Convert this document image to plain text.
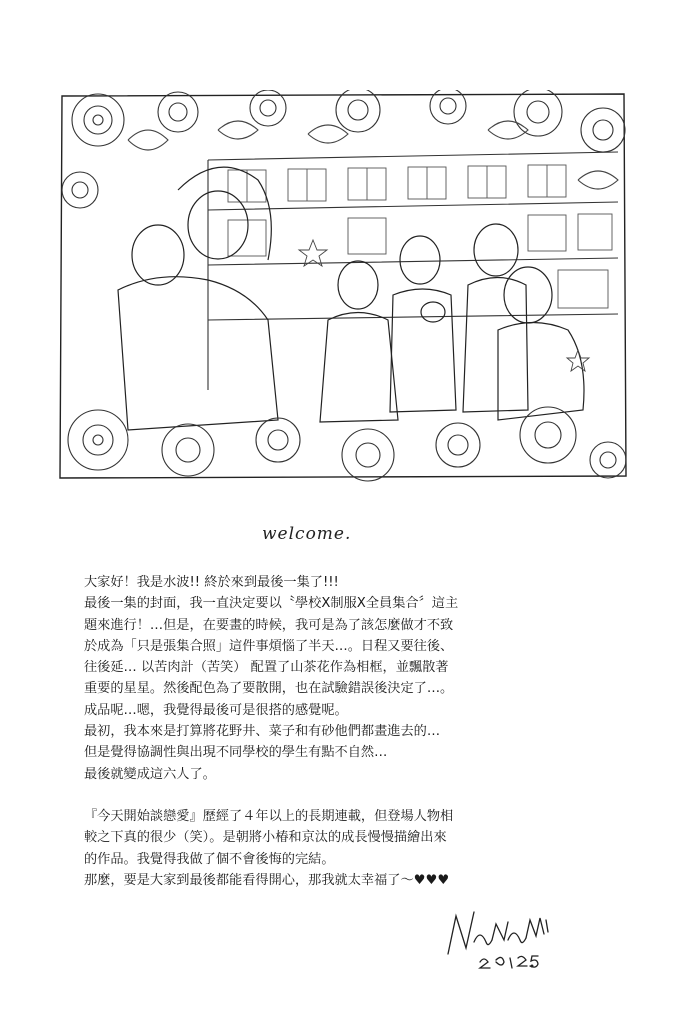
welcome.
大家好！我是水波!! 終於來到最後一集了!!!
最後一集的封面，我一直決定要以〝學校X制服X全員集合〞這主
題來進行！…但是，在要畫的時候，我可是為了該怎麼做才不致
於成為「只是張集合照」這件事煩惱了半天…。日程又要往後、
往後延… 以苦肉計（苦笑） 配置了山茶花作為相框，並飄散著
重要的星星。然後配色為了要散開，也在試驗錯誤後決定了…。
成品呢…嗯，我覺得最後可是很搭的感覺呢。
最初，我本來是打算將花野井、菜子和有砂他們都畫進去的…
但是覺得協調性與出現不同學校的學生有點不自然…
最後就變成這六人了。
『今天開始談戀愛』歷經了４年以上的長期連載，但登場人物相
較之下真的很少（笑）。是朝將小椿和京汰的成長慢慢描繪出來
的作品。我覺得我做了個不會後悔的完結。
那麼，要是大家到最後都能看得開心，那我就太幸福了～♥♥♥
